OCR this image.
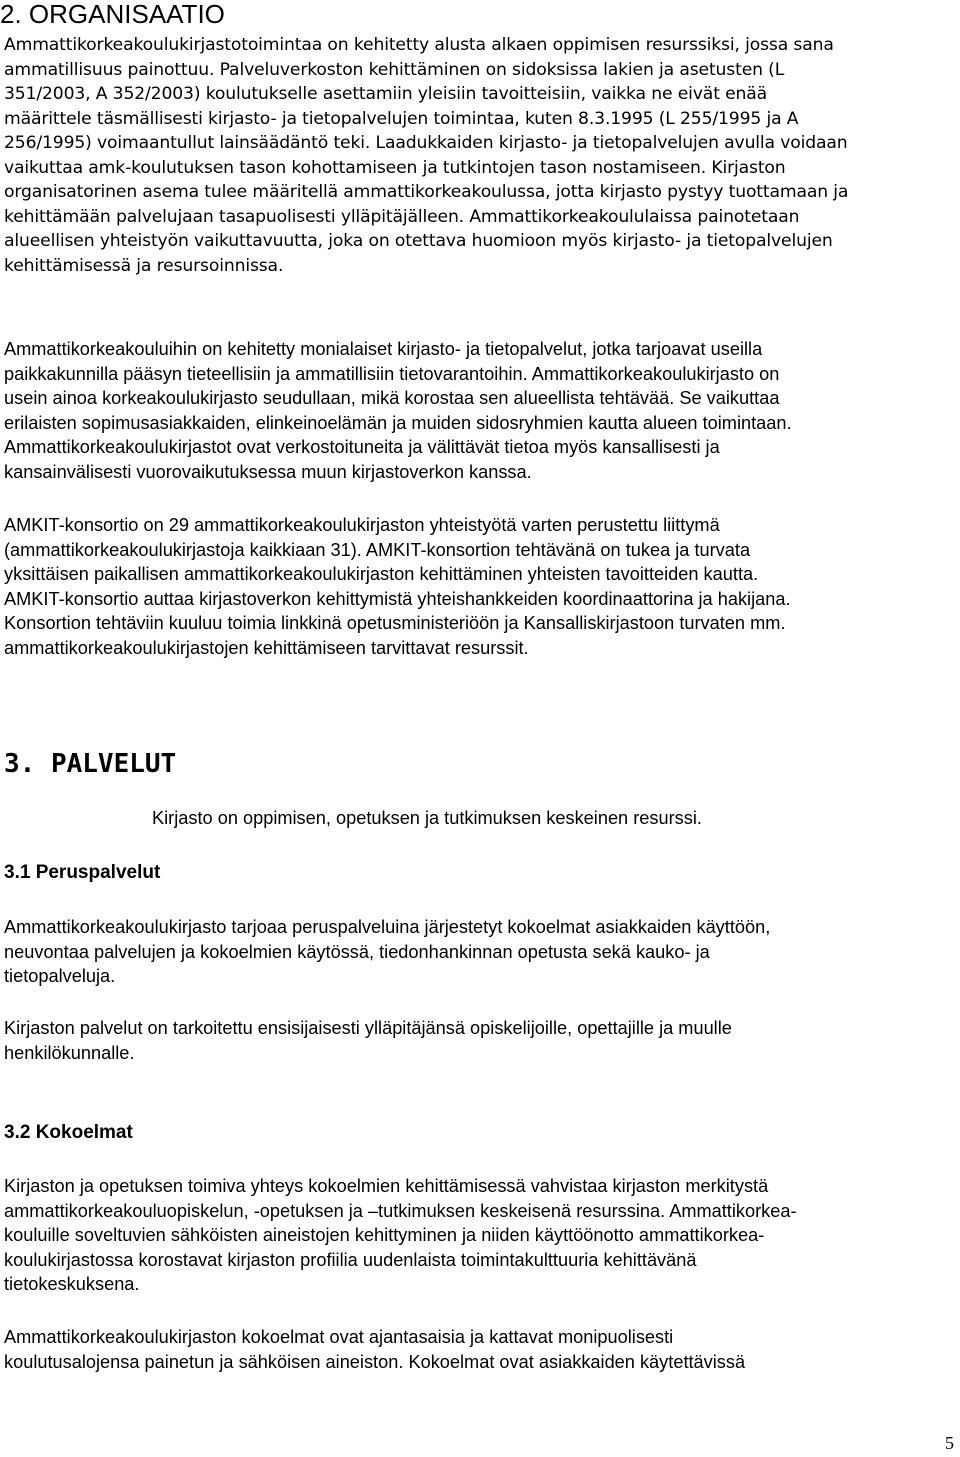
2. ORGANISAATIO

Ammattikorkeakoulukirjastotoimintaa on kehitetty alusta alkaen oppimisen resurssiksi, jossa sana
ammatillisuus painottuu. Palveluverkoston kehittäminen on sidoksissa lakien ja asetusten (L
351/2003, A 352/2003) koulutukselle asettamiin yleisiin tavoitteisiin, vaikka ne eivät enää
määrittele täsmällisesti kirjasto- ja tietopalvelujen toimintaa, kuten 8.3.1995 (L 255/1995 ja A
256/1995) voimaantullut lainsäädäntö teki. Laadukkaiden kirjasto- ja tietopalvelujen avulla voidaan
vaikuttaa amk-koulutuksen tason kohottamiseen ja tutkintojen tason nostamiseen. Kirjaston
organisatorinen asema tulee määritellä ammattikorkeakoulussa, jotta kirjasto pystyy tuottamaan ja
kehittämään palvelujaan tasapuolisesti ylläpitäjälleen. Ammattikorkeakoululaissa painotetaan
alueellisen yhteistyön vaikuttavuutta, joka on otettava huomioon myös kirjasto- ja tietopalvelujen
kehittämisessä ja resursoinnissa.

Ammattikorkeakouluihin on kehitetty monialaiset kirjasto- ja tietopalvelut, jotka tarjoavat useilla
paikkakunnilla pääsyn tieteellisiin ja ammatillisiin tietovarantoihin. Ammattikorkeakoulukirjasto on
usein ainoa korkeakoulukirjasto seudullaan, mikä korostaa sen alueellista tehtävää. Se vaikuttaa
erilaisten sopimusasiakkaiden, elinkeinoelämän ja muiden sidosryhmien kautta alueen toimintaan.
Ammattikorkeakoulukirjastot ovat verkostoituneita ja välittävät tietoa myös kansallisesti ja
kansainvälisesti vuorovaikutuksessa muun kirjastoverkon kanssa.

AMKIT-konsortio on 29 ammattikorkeakoulukirjaston yhteistyötä varten perustettu liittymä
(ammattikorkeakoulukirjastoja kaikkiaan 31). AMKIT-konsortion tehtävänä on tukea ja turvata
yksittäisen paikallisen ammattikorkeakoulukirjaston kehittäminen yhteisten tavoitteiden kautta.
AMKIT-konsortio auttaa kirjastoverkon kehittymistä yhteishankkeiden koordinaattorina ja hakijana.
Konsortion tehtäviin kuuluu toimia linkkinä opetusministeriöön ja Kansalliskirjastoon turvaten mm.
ammattikorkeakoulukirjastojen kehittämiseen tarvittavat resurssit.

3. PALVELUT

Kirjasto on oppimisen, opetuksen ja tutkimuksen keskeinen resurssi.

3.1 Peruspalvelut

Ammattikorkeakoulukirjasto tarjoaa peruspalveluina järjestetyt kokoelmat asiakkaiden käyttöön,
neuvontaa palvelujen ja kokoelmien käytössä, tiedonhankinnan opetusta sekä kauko- ja
tietopalveluja.

Kirjaston palvelut on tarkoitettu ensisijaisesti ylläpitäjänsä opiskelijoille, opettajille ja muulle
henkilökunnalle.

3.2 Kokoelmat

Kirjaston ja opetuksen toimiva yhteys kokoelmien kehittämisessä vahvistaa kirjaston merkitystä
ammattikorkeakouluopiskelun, -opetuksen ja –tutkimuksen keskeisenä resurssina. Ammattikorkea-
kouluille soveltuvien sähköisten aineistojen kehittyminen ja niiden käyttöönotto ammattikorkea-
koulukirjastossa korostavat kirjaston profiilia uudenlaista toimintakulttuuria kehittävänä
tietokeskuksena.

Ammattikorkeakoulukirjaston kokoelmat ovat ajantasaisia ja kattavat monipuolisesti
koulutusalojensa painetun ja sähköisen aineiston. Kokoelmat ovat asiakkaiden käytettävissä

5
